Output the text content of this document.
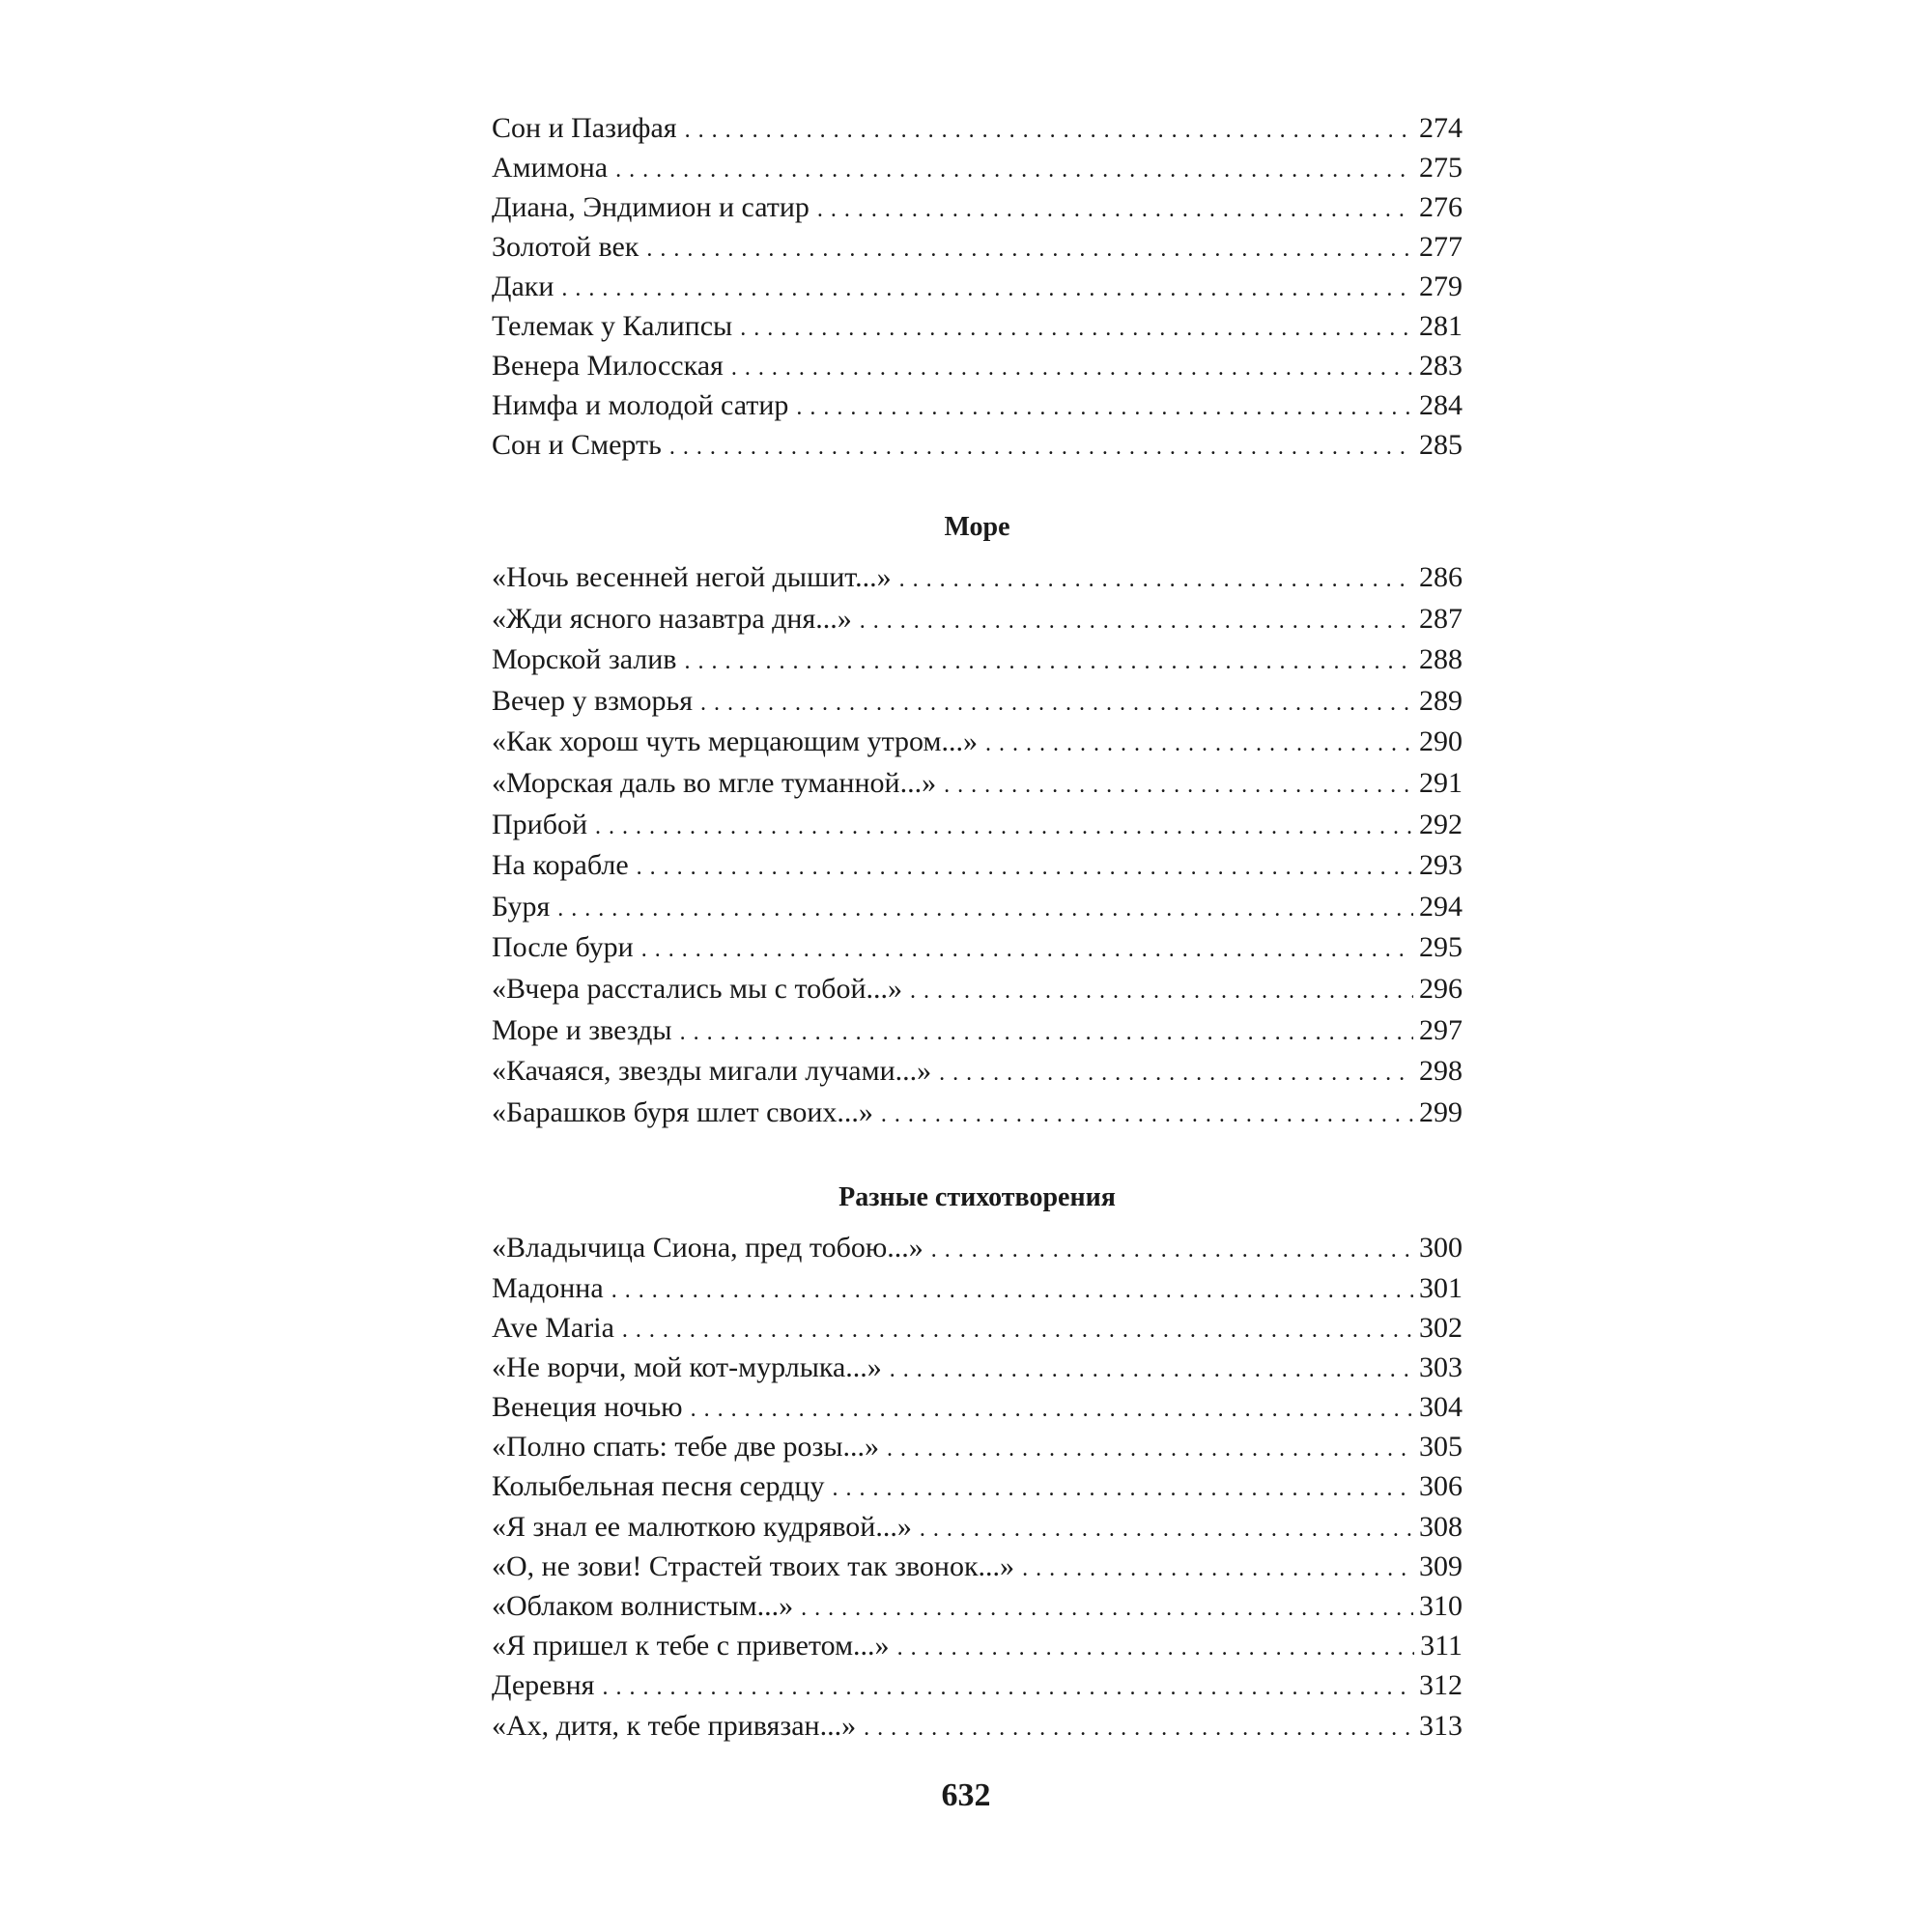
Сон и Пазифая . . .	274
Амимона . . .	275
Диана, Эндимион и сатир . . .	276
Золотой век . . .	277
Даки . . .	279
Телемак у Калипсы . . .	281
Венера Милосская . . .	283
Нимфа и молодой сатир . . .	284
Сон и Смерть . . .	285
Море
«Ночь весенней негой дышит...» . . .	286
«Жди ясного назавтра дня...» . . .	287
Морской залив . . .	288
Вечер у взморья . . .	289
«Как хорош чуть мерцающим утром...» . . .	290
«Морская даль во мгле туманной...» . . .	291
Прибой . . .	292
На корабле . . .	293
Буря . . .	294
После бури . . .	295
«Вчера расстались мы с тобой...» . . .	296
Море и звезды . . .	297
«Качаяся, звезды мигали лучами...» . . .	298
«Барашков буря шлет своих...» . . .	299
Разные стихотворения
«Владычица Сиона, пред тобою...» . . .	300
Мадонна . . .	301
Ave Maria . . .	302
«Не ворчи, мой кот-мурлыка...» . . .	303
Венеция ночью . . .	304
«Полно спать: тебе две розы...» . . .	305
Колыбельная песня сердцу . . .	306
«Я знал ее малюткою кудрявой...» . . .	308
«О, не зови! Страстей твоих так звонок...» . . .	309
«Облаком волнистым...» . . .	310
«Я пришел к тебе с приветом...» . . .	311
Деревня . . .	312
«Ах, дитя, к тебе привязан...» . . .	313
632
